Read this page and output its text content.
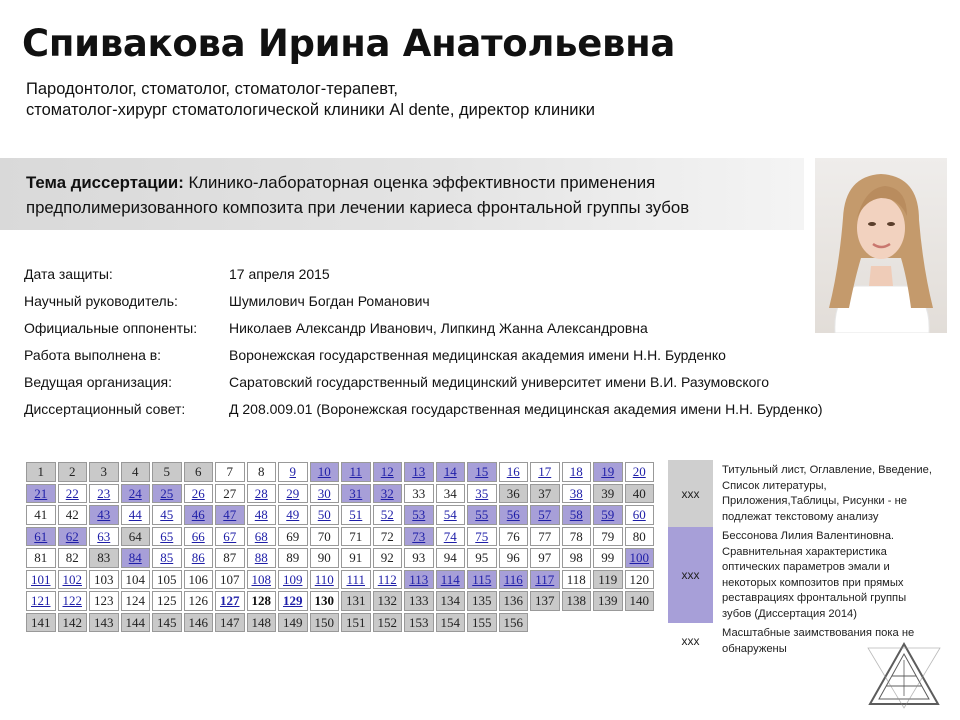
Спивакова Ирина Анатольевна
Пародонтолог, стоматолог, стоматолог-терапевт,
стоматолог-хирург стоматологической клиники Al dente, директор клиники
Тема диссертации: Клинико-лабораторная оценка эффективности применения
предполимеризованного композита при лечении кариеса фронтальной группы зубов
Дата защиты:	17 апреля 2015
Научный руководитель:	Шумилович Богдан Романович
Официальные оппоненты: Николаев Александр Иванович, Липкинд Жанна Александровна
Работа выполнена в:	Воронежская государственная медицинская академия имени Н.Н. Бурденко
Ведущая организация:	Саратовский государственный медицинский университет имени В.И. Разумовского
Диссертационный совет:	Д 208.009.01 (Воронежская государственная медицинская академия имени Н.Н. Бурденко)
1	2	3	4	5	6	7	8	9	10	11	12	13	14	15	16	17	18	19	20
21	22	23	24	25	26	27	28	29	30	31	32	33	34	35	36	37	38	39	40
41	42	43	44	45	46	47	48	49	50	51	52	53	54	55	56	57	58	59	60
61	62	63	64	65	66	67	68	69	70	71	72	73	74	75	76	77	78	79	80
81	82	83	84	85	86	87	88	89	90	91	92	93	94	95	96	97	98	99	100
101	102	103	104	105	106	107	108	109	110	111	112	113	114	115	116	117	118	119	120
121	122	123	124	125	126	127	128	129	130	131	132	133	134	135	136	137	138	139	140
141	142	143	144	145	146	147	148	149	150	151	152	153	154	155	156				
xxx
Титульный лист, Оглавление, Введение, Список литературы, Приложения,Таблицы, Рисунки - не подлежат текстовому анализу
xxx
Бессонова Лилия Валентиновна. Сравнительная характеристика оптических параметров эмали и некоторых композитов при прямых реставрациях фронтальной группы зубов (Диссертация 2014)
xxx
Масштабные заимствования пока не обнаружены
